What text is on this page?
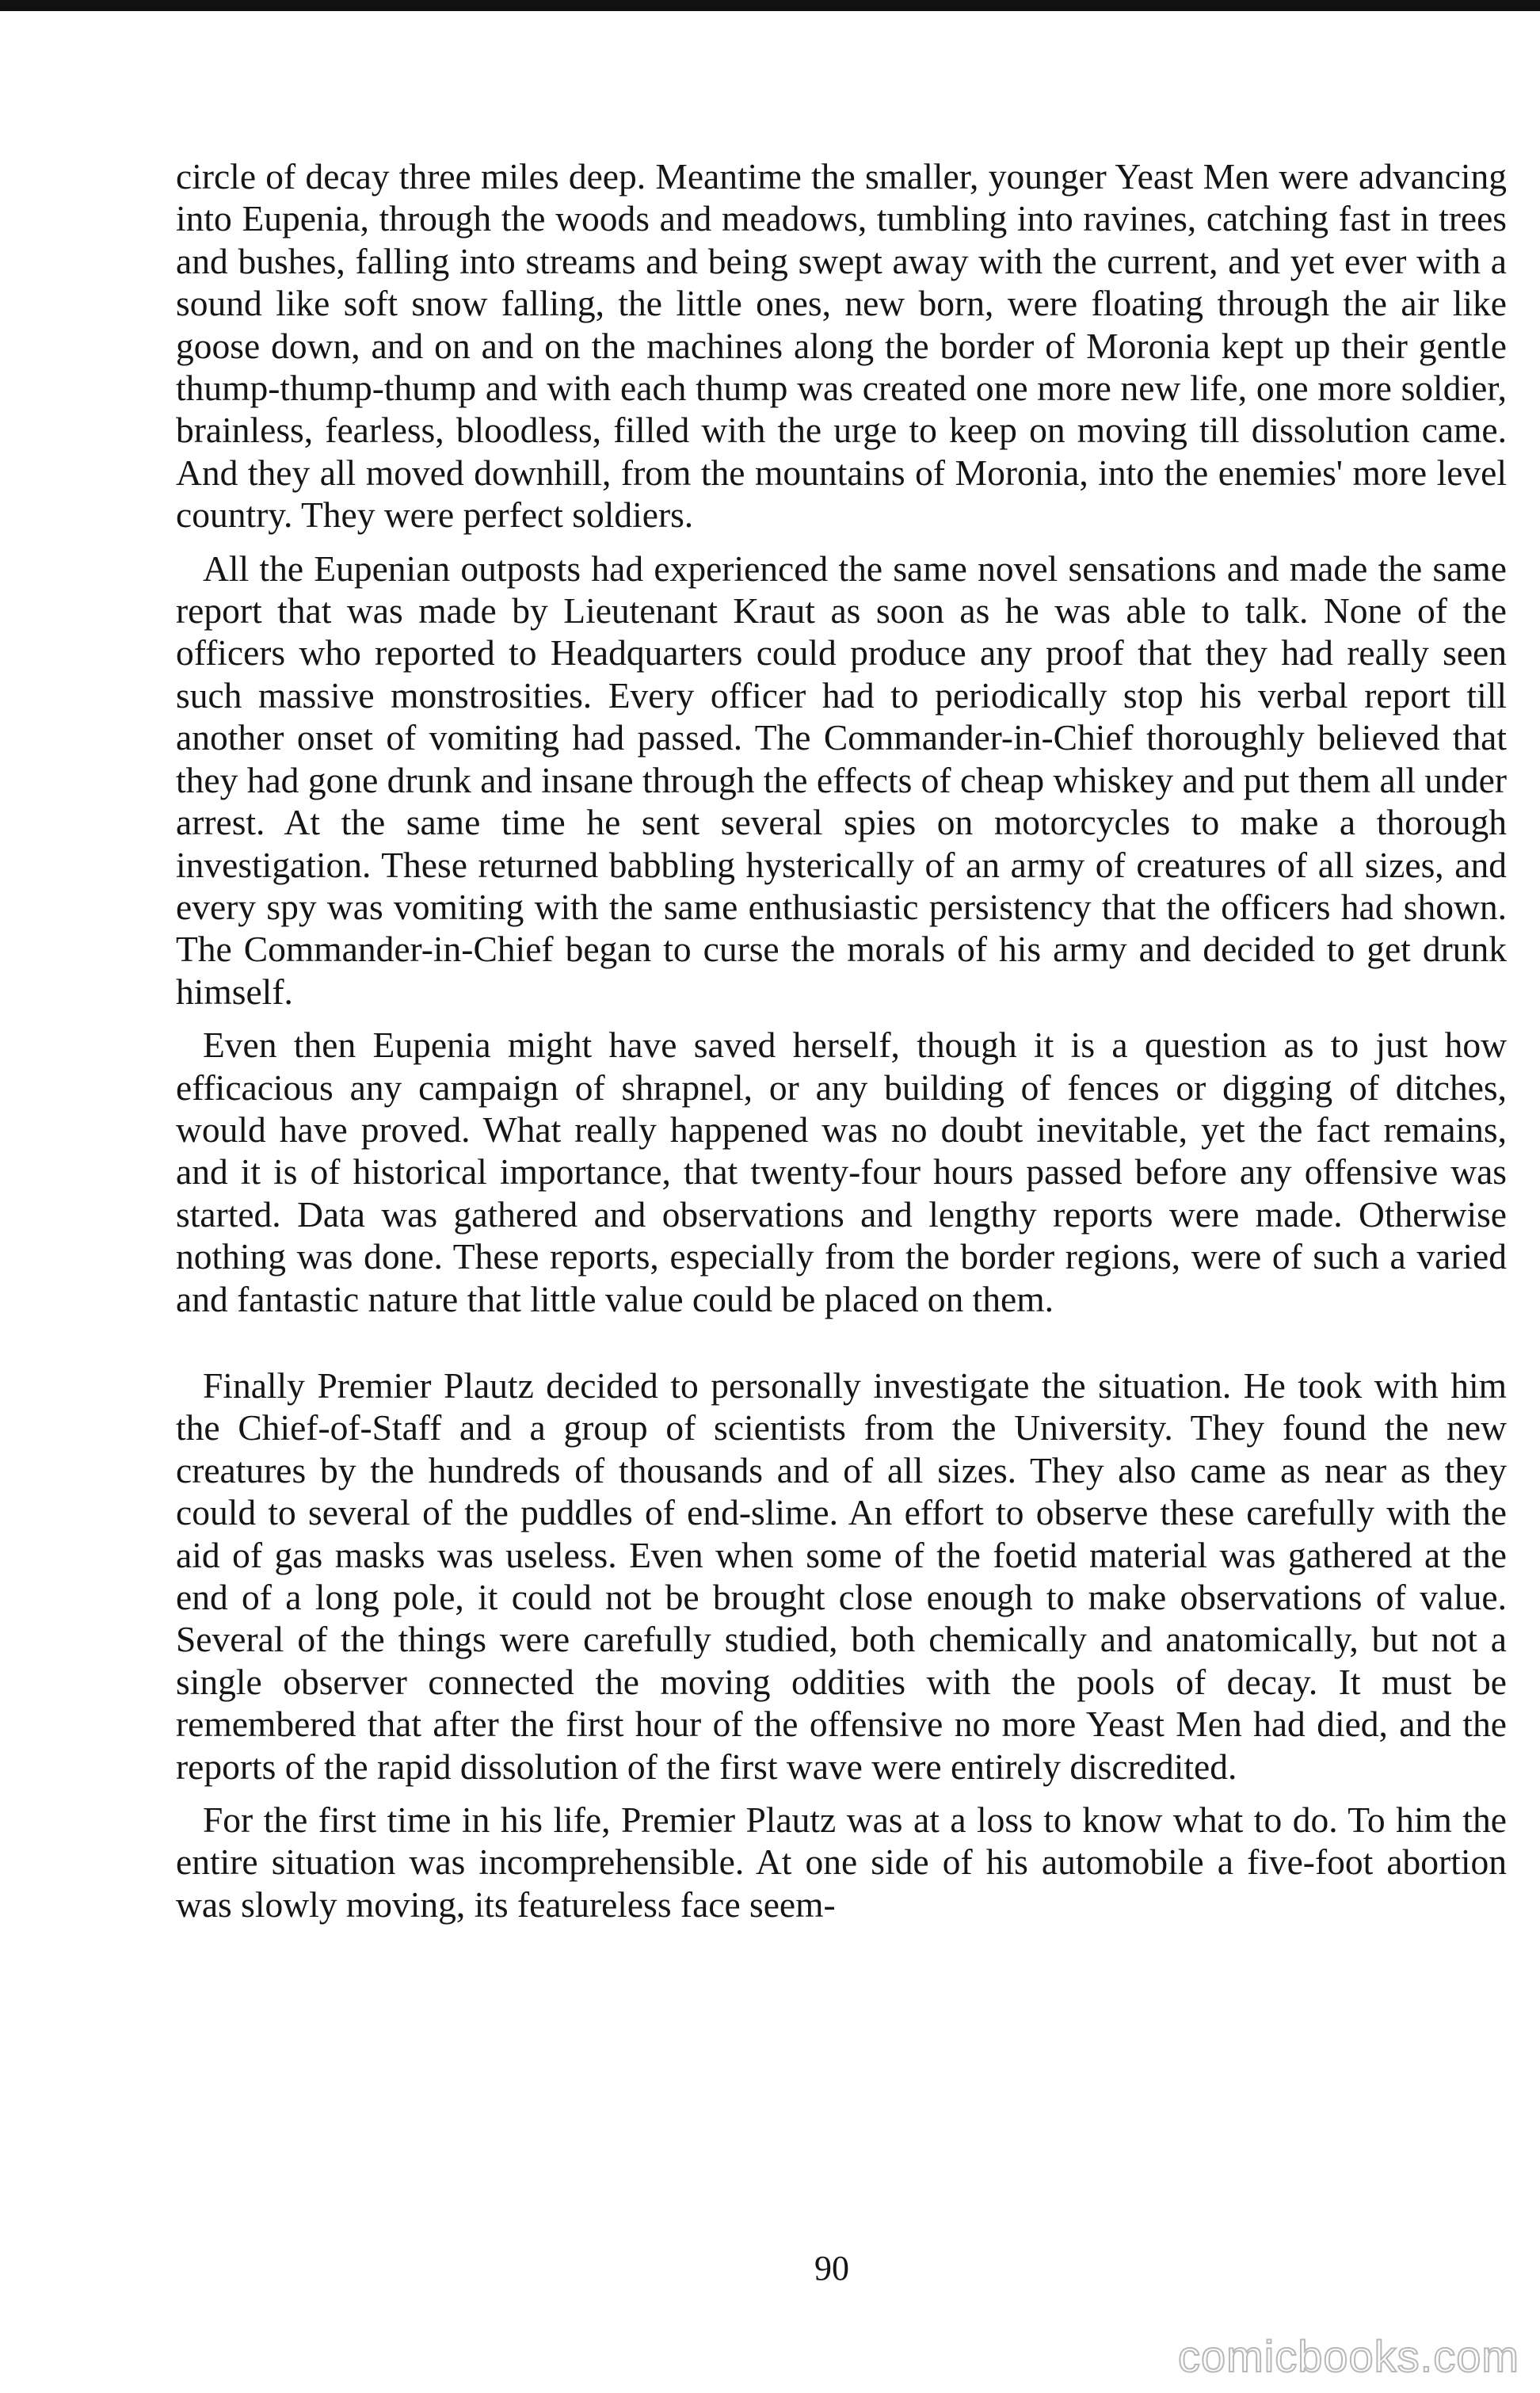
circle of decay three miles deep. Meantime the smaller, younger Yeast Men were advancing into Eupenia, through the woods and meadows, tumbling into ravines, catching fast in trees and bushes, falling into streams and being swept away with the current, and yet ever with a sound like soft snow falling, the little ones, new born, were floating through the air like goose down, and on and on the machines along the border of Moronia kept up their gentle thump-thump-thump and with each thump was created one more new life, one more soldier, brainless, fearless, bloodless, filled with the urge to keep on moving till dissolution came. And they all moved downhill, from the mountains of Moronia, into the enemies' more level country. They were perfect soldiers.

All the Eupenian outposts had experienced the same novel sensations and made the same report that was made by Lieutenant Kraut as soon as he was able to talk. None of the officers who reported to Headquarters could produce any proof that they had really seen such massive monstrosities. Every officer had to periodically stop his verbal report till another onset of vomiting had passed. The Commander-in-Chief thoroughly believed that they had gone drunk and insane through the effects of cheap whiskey and put them all under arrest. At the same time he sent several spies on motorcycles to make a thorough investigation. These returned babbling hysterically of an army of creatures of all sizes, and every spy was vomiting with the same enthusiastic persistency that the officers had shown. The Commander-in-Chief began to curse the morals of his army and decided to get drunk himself.

Even then Eupenia might have saved herself, though it is a question as to just how efficacious any campaign of shrapnel, or any building of fences or digging of ditches, would have proved. What really happened was no doubt inevitable, yet the fact remains, and it is of historical importance, that twenty-four hours passed before any offensive was started. Data was gathered and observations and lengthy reports were made. Otherwise nothing was done. These reports, especially from the border regions, were of such a varied and fantastic nature that little value could be placed on them.

Finally Premier Plautz decided to personally investigate the situation. He took with him the Chief-of-Staff and a group of scientists from the University. They found the new creatures by the hundreds of thousands and of all sizes. They also came as near as they could to several of the puddles of end-slime. An effort to observe these carefully with the aid of gas masks was useless. Even when some of the foetid material was gathered at the end of a long pole, it could not be brought close enough to make observations of value. Several of the things were carefully studied, both chemically and anatomically, but not a single observer connected the moving oddities with the pools of decay. It must be remembered that after the first hour of the offensive no more Yeast Men had died, and the reports of the rapid dissolution of the first wave were entirely discredited.

For the first time in his life, Premier Plautz was at a loss to know what to do. To him the entire situation was incomprehensible. At one side of his automobile a five-foot abortion was slowly moving, its featureless face seem-

90
comicbooks.com
